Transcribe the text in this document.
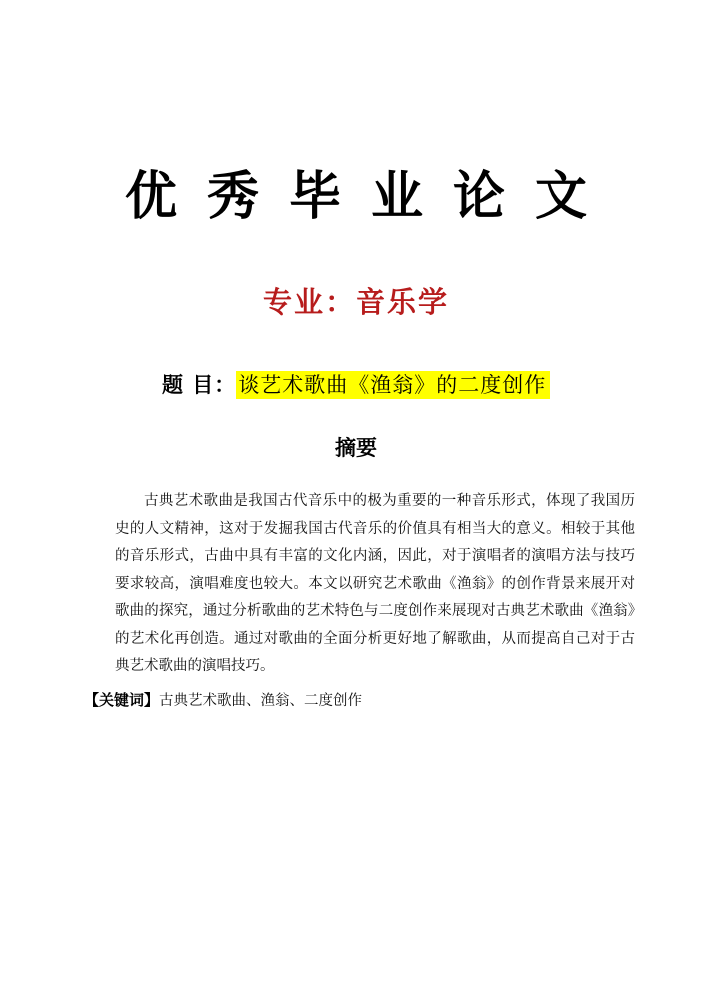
优秀毕业论文
专业：音乐学
题 目：谈艺术歌曲《渔翁》的二度创作
摘要
古典艺术歌曲是我国古代音乐中的极为重要的一种音乐形式，体现了我国历史的人文精神，这对于发掘我国古代音乐的价值具有相当大的意义。相较于其他的音乐形式，古曲中具有丰富的文化内涵，因此，对于演唱者的演唱方法与技巧要求较高，演唱难度也较大。本文以研究艺术歌曲《渔翁》的创作背景来展开对歌曲的探究，通过分析歌曲的艺术特色与二度创作来展现对古典艺术歌曲《渔翁》的艺术化再创造。通过对歌曲的全面分析更好地了解歌曲，从而提高自己对于古典艺术歌曲的演唱技巧。
【关键词】古典艺术歌曲、渔翁、二度创作
